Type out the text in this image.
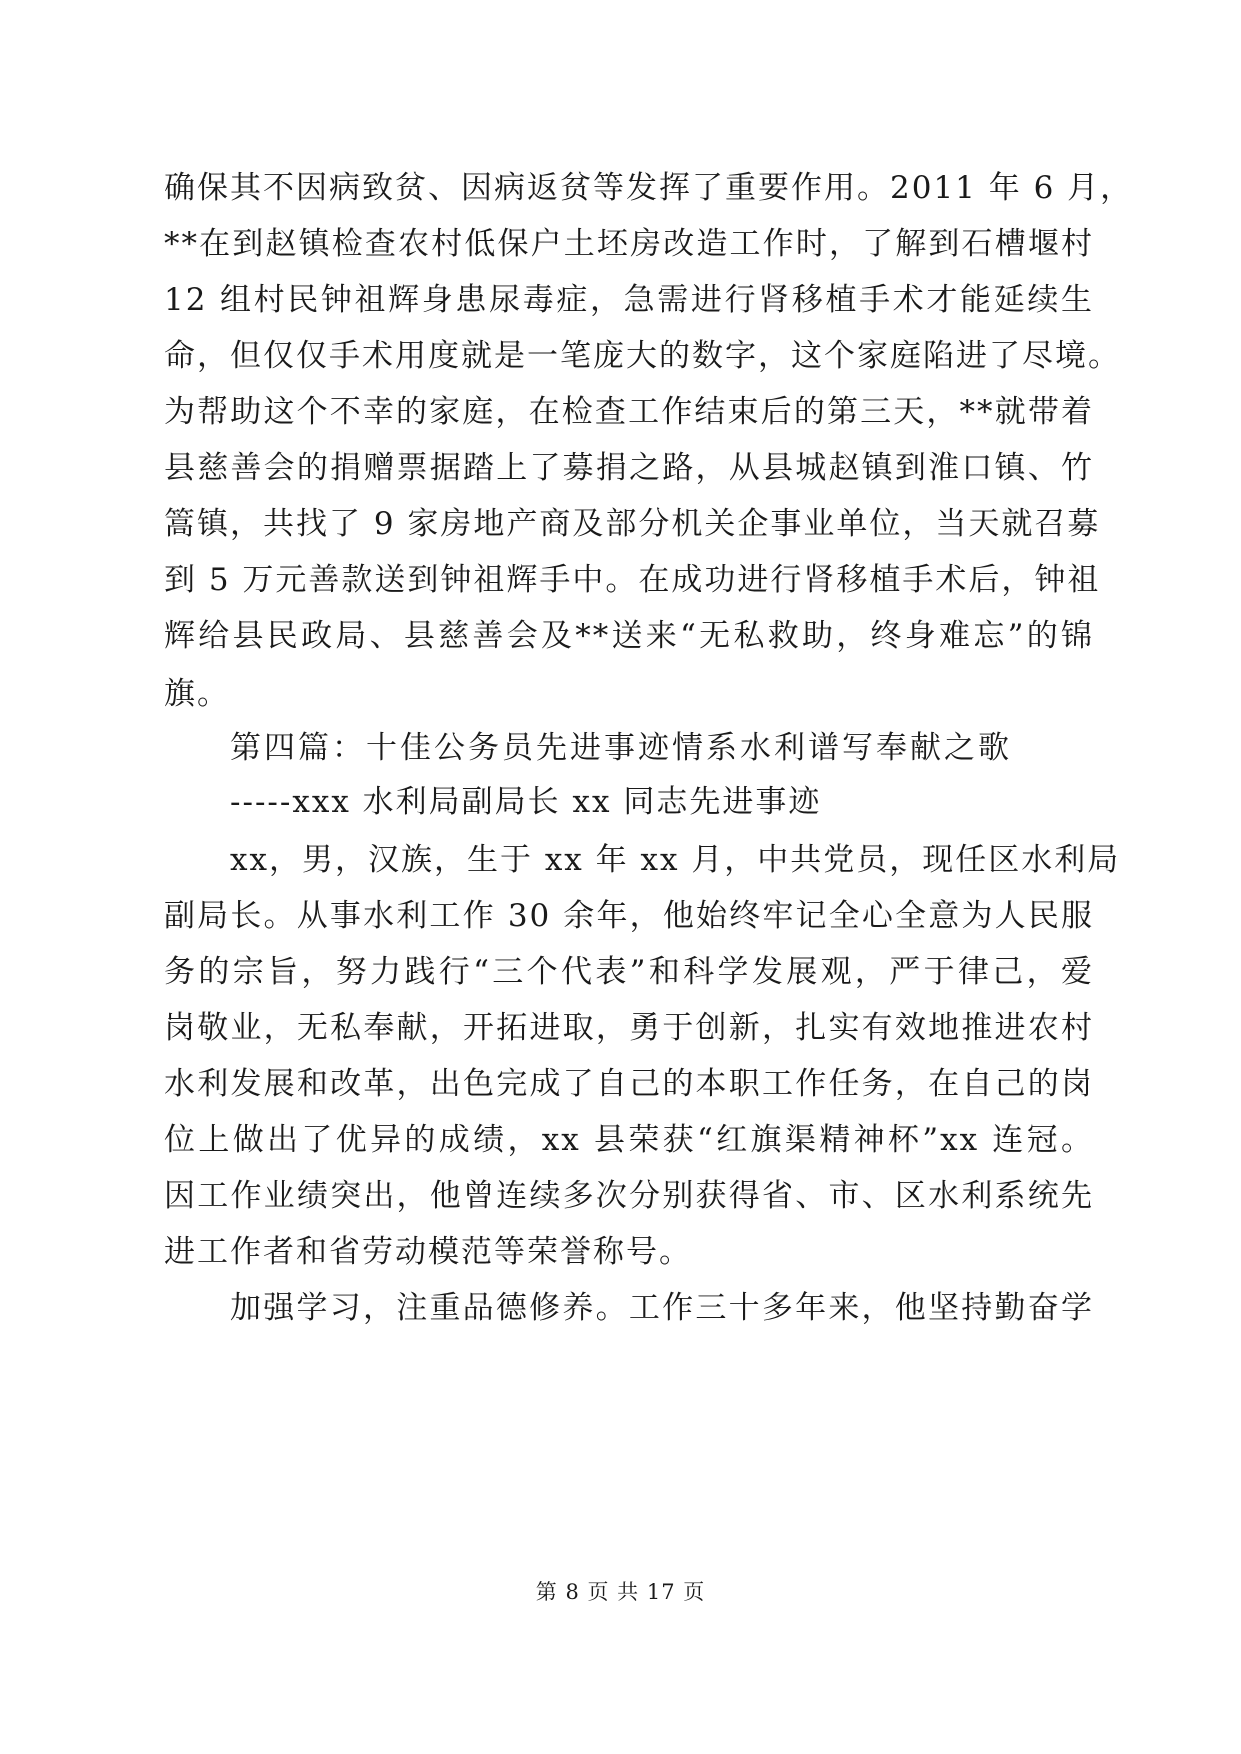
确保其不因病致贫、因病返贫等发挥了重要作用。2011 年 6 月，
**在到赵镇检查农村低保户土坯房改造工作时，了解到石槽堰村
12 组村民钟祖辉身患尿毒症，急需进行肾移植手术才能延续生
命，但仅仅手术用度就是一笔庞大的数字，这个家庭陷进了尽境。
为帮助这个不幸的家庭，在检查工作结束后的第三天，**就带着
县慈善会的捐赠票据踏上了募捐之路，从县城赵镇到淮口镇、竹
篙镇，共找了 9 家房地产商及部分机关企事业单位，当天就召募
到 5 万元善款送到钟祖辉手中。在成功进行肾移植手术后，钟祖
辉给县民政局、县慈善会及**送来“无私救助，终身难忘”的锦
旗。
第四篇：十佳公务员先进事迹情系水利谱写奉献之歌
-----xxx 水利局副局长 xx 同志先进事迹
xx，男，汉族，生于 xx 年 xx 月，中共党员，现任区水利局
副局长。从事水利工作 30 余年，他始终牢记全心全意为人民服
务的宗旨，努力践行“三个代表”和科学发展观，严于律己，爱
岗敬业，无私奉献，开拓进取，勇于创新，扎实有效地推进农村
水利发展和改革，出色完成了自己的本职工作任务，在自己的岗
位上做出了优异的成绩，xx 县荣获“红旗渠精神杯”xx 连冠。
因工作业绩突出，他曾连续多次分别获得省、市、区水利系统先
进工作者和省劳动模范等荣誉称号。
加强学习，注重品德修养。工作三十多年来，他坚持勤奋学
第 8 页 共 17 页
